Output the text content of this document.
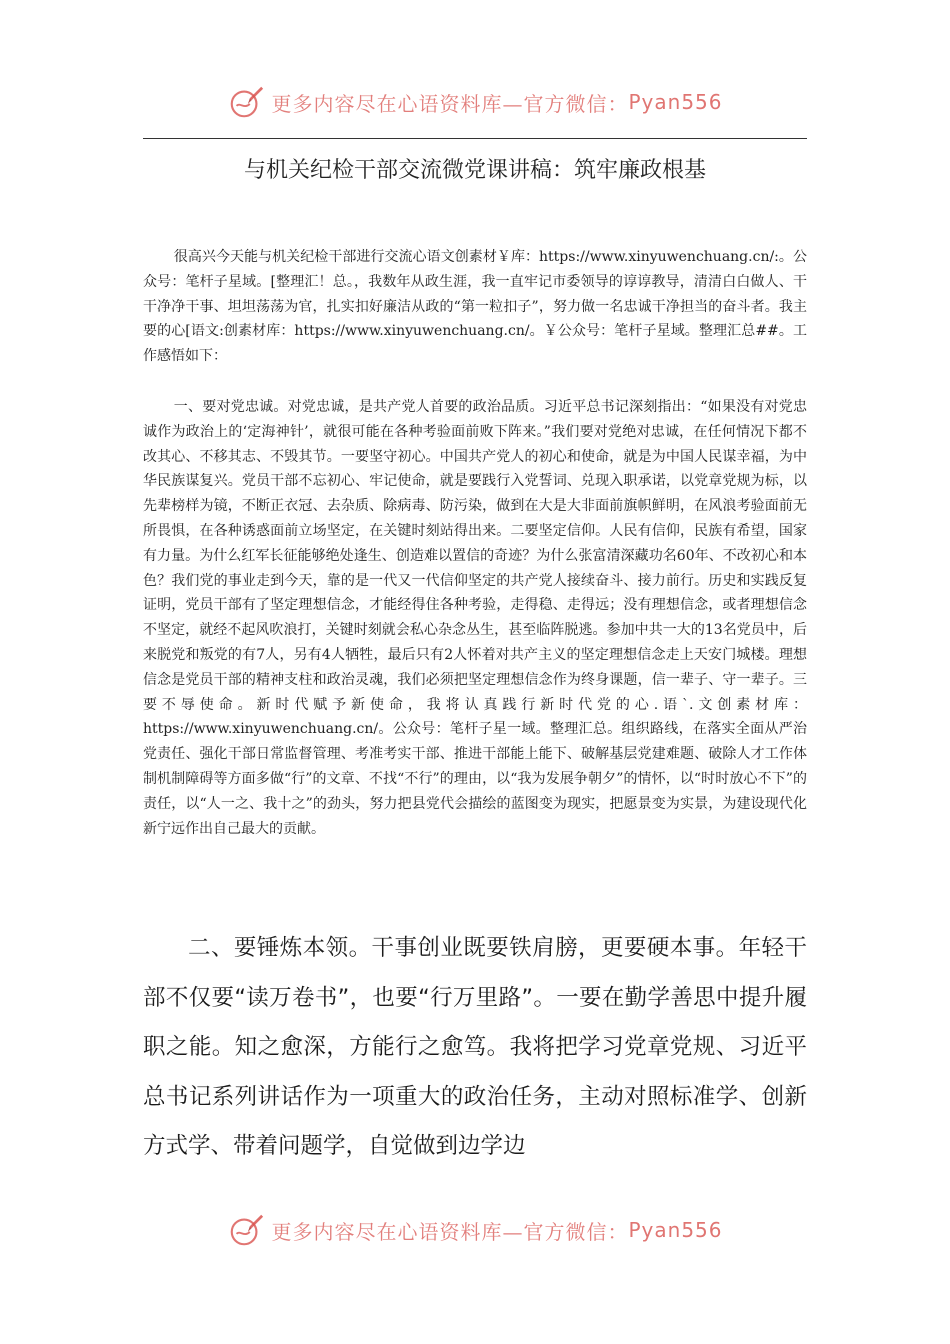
更多内容尽在心语资料库—官方微信： Pyan556
与机关纪检干部交流微党课讲稿：筑牢廉政根基

很高兴今天能与机关纪检干部进行交流心语文创素材￥库：https://www.xinyuwenchuang.cn/:。公众号：笔杆子星域。[整理汇！总。，我数年从政生涯，我一直牢记市委领导的谆谆教导，清清白白做人、干干净净干事、坦坦荡荡为官，扎实扣好廉洁从政的“第一粒扣子”，努力做一名忠诚干净担当的奋斗者。我主要的心[语文:创素材库：https://www.xinyuwenchuang.cn/。￥公众号：笔杆子星域。整理汇总##。工作感悟如下：

一、要对党忠诚。对党忠诚，是共产党人首要的政治品质。习近平总书记深刻指出：“如果没有对党忠诚作为政治上的‘定海神针’，就很可能在各种考验面前败下阵来。”我们要对党绝对忠诚，在任何情况下都不改其心、不移其志、不毁其节。一要坚守初心。中国共产党人的初心和使命，就是为中国人民谋幸福，为中华民族谋复兴。党员干部不忘初心、牢记使命，就是要践行入党誓词、兑现入职承诺，以党章党规为标，以先辈榜样为镜，不断正衣冠、去杂质、除病毒、防污染，做到在大是大非面前旗帜鲜明，在风浪考验面前无所畏惧，在各种诱惑面前立场坚定，在关键时刻站得出来。二要坚定信仰。人民有信仰，民族有希望，国家有力量。为什么红军长征能够绝处逢生、创造难以置信的奇迹？为什么张富清深藏功名60年、不改初心和本色？我们党的事业走到今天，靠的是一代又一代信仰坚定的共产党人接续奋斗、接力前行。历史和实践反复证明，党员干部有了坚定理想信念，才能经得住各种考验，走得稳、走得远；没有理想信念，或者理想信念不坚定，就经不起风吹浪打，关键时刻就会私心杂念丛生，甚至临阵脱逃。参加中共一大的13名党员中，后来脱党和叛党的有7人，另有4人牺牲，最后只有2人怀着对共产主义的坚定理想信念走上天安门城楼。理想信念是党员干部的精神支柱和政治灵魂，我们必须把坚定理想信念作为终身课题，信一辈子、守一辈子。三要不辱使命。新时代赋予新使命，我将认真践行新时代党的心.语`.文创素材库：https://www.xinyuwenchuang.cn/。公众号：笔杆子星一域。整理汇总。组织路线，在落实全面从严治党责任、强化干部日常监督管理、考准考实干部、推进干部能上能下、破解基层党建难题、破除人才工作体制机制障碍等方面多做“行”的文章、不找“不行”的理由，以“我为发展争朝夕”的情怀，以“时时放心不下”的责任，以“人一之、我十之”的劲头，努力把县党代会描绘的蓝图变为现实，把愿景变为实景，为建设现代化新宁远作出自己最大的贡献。

二、要锤炼本领。干事创业既要铁肩膀，更要硬本事。年轻干部不仅要“读万卷书”，也要“行万里路”。一要在勤学善思中提升履职之能。知之愈深，方能行之愈笃。我将把学习党章党规、习近平总书记系列讲话作为一项重大的政治任务，主动对照标准学、创新方式学、带着问题学，自觉做到边学边

更多内容尽在心语资料库—官方微信： Pyan556
